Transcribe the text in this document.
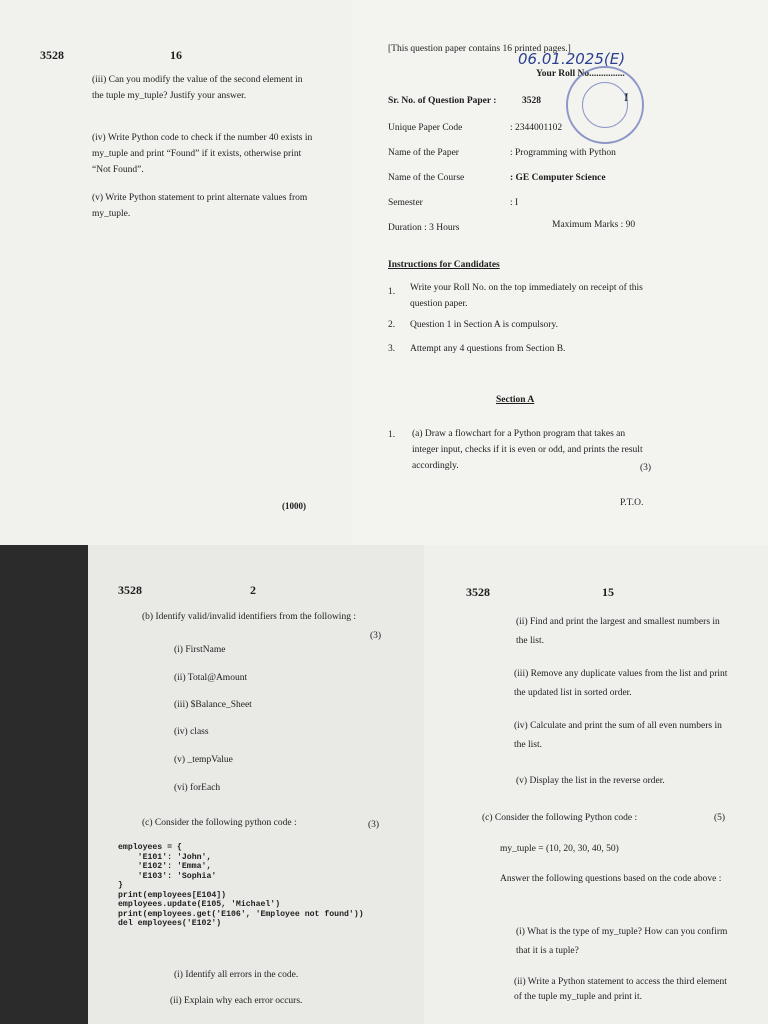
3528	16
(iii) Can you modify the value of the second element in the tuple my_tuple? Justify your answer.
(iv) Write Python code to check if the number 40 exists in my_tuple and print “Found” if it exists, otherwise print “Not Found”.
(v) Write Python statement to print alternate values from my_tuple.
(1000)
[This question paper contains 16 printed pages.]
06.01.2025(E)
Your Roll No...............
Sr. No. of Question Paper :	3528	I
Unique Paper Code	: 2344001102
Name of the Paper	: Programming with Python
Name of the Course	: GE Computer Science
Semester	: I
Duration : 3 Hours	Maximum Marks : 90
Instructions for Candidates
1. Write your Roll No. on the top immediately on receipt of this question paper.
2. Question 1 in Section A is compulsory.
3. Attempt any 4 questions from Section B.
Section A
1. (a) Draw a flowchart for a Python program that takes an integer input, checks if it is even or odd, and prints the result accordingly.	(3)
P.T.O.
3528	2
(b) Identify valid/invalid identifiers from the following :
(3)
(i) FirstName
(ii) Total@Amount
(iii) $Balance_Sheet
(iv) class
(v) _tempValue
(vi) forEach
(c) Consider the following python code :	(3)
employees = {
'E101': 'John',
'E102': 'Emma',
'E103': 'Sophia'
}
print(employees[E104])
employees.update(E105, 'Michael')
print(employees.get('E106', 'Employee not found'))
del employees('E102')
(i) Identify all errors in the code.
(ii) Explain why each error occurs.
3528	15
(ii) Find and print the largest and smallest numbers in the list.
(iii) Remove any duplicate values from the list and print the updated list in sorted order.
(iv) Calculate and print the sum of all even numbers in the list.
(v) Display the list in the reverse order.
(c) Consider the following Python code :	(5)
my_tuple = (10, 20, 30, 40, 50)
Answer the following questions based on the code above :
(i) What is the type of my_tuple? How can you confirm that it is a tuple?
(ii) Write a Python statement to access the third element of the tuple my_tuple and print it.
